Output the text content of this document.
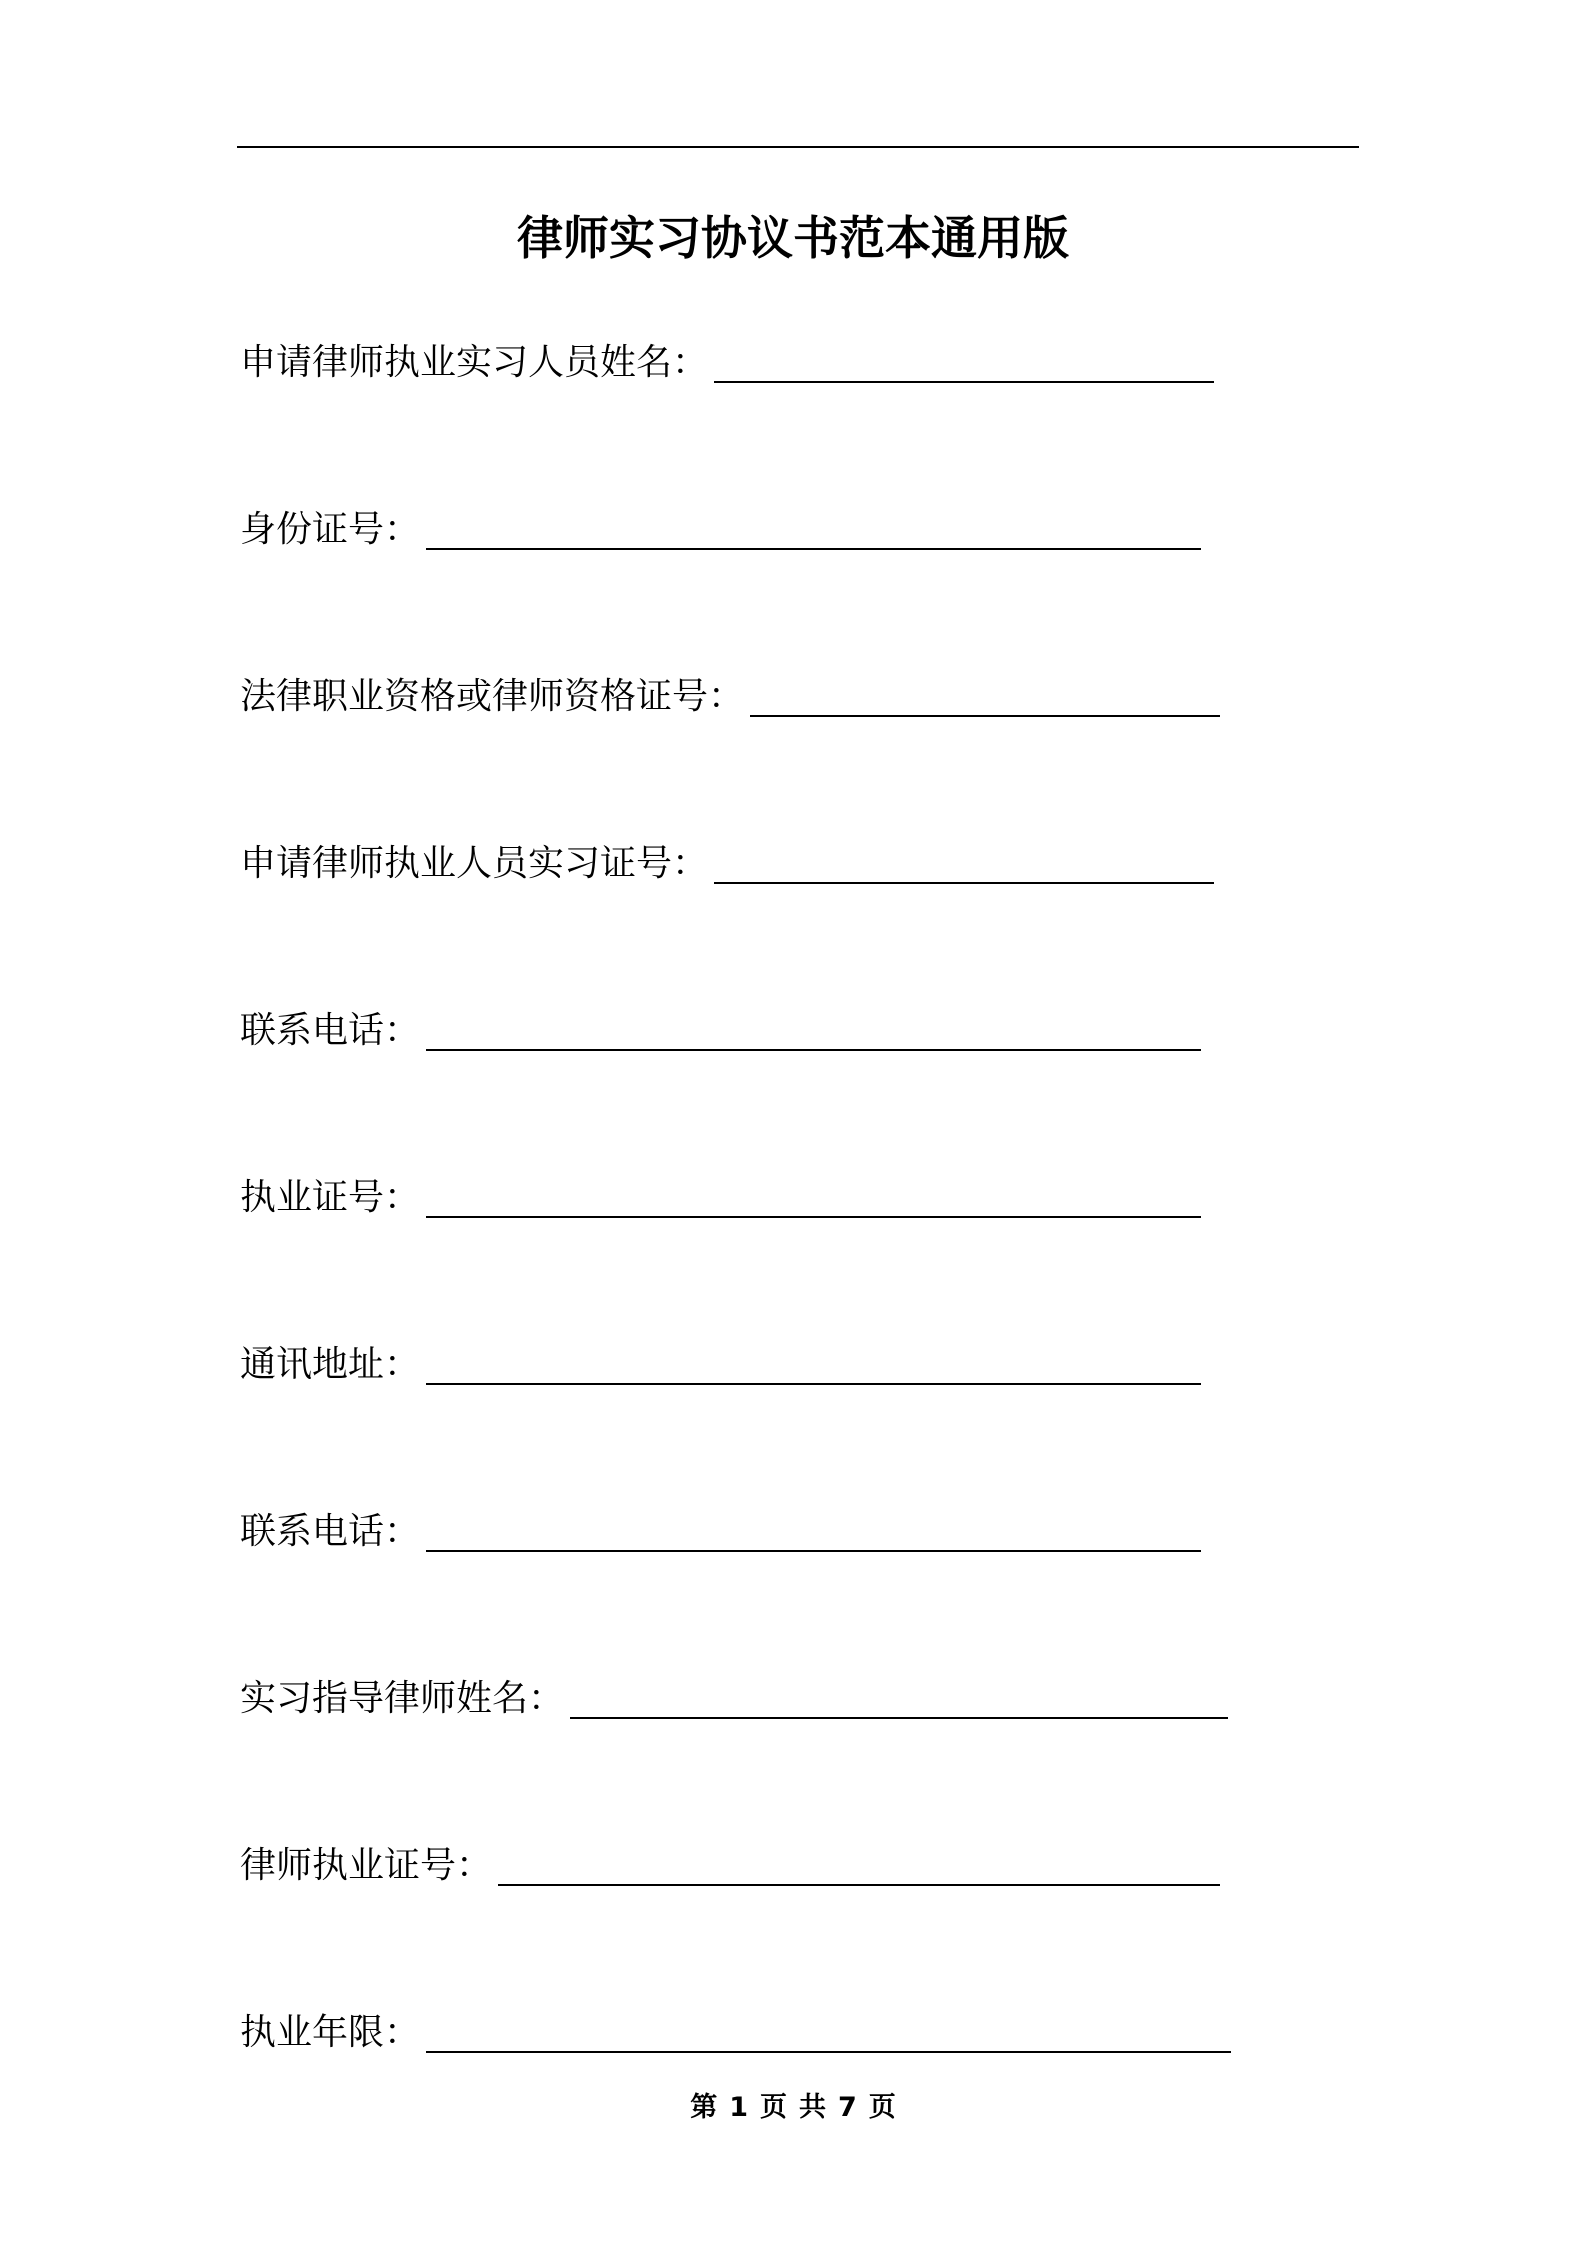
律师实习协议书范本通用版
申请律师执业实习人员姓名：
身份证号：
法律职业资格或律师资格证号：
申请律师执业人员实习证号：
联系电话：
执业证号：
通讯地址：
联系电话：
实习指导律师姓名：
律师执业证号：
执业年限：
第 1 页 共 7 页
